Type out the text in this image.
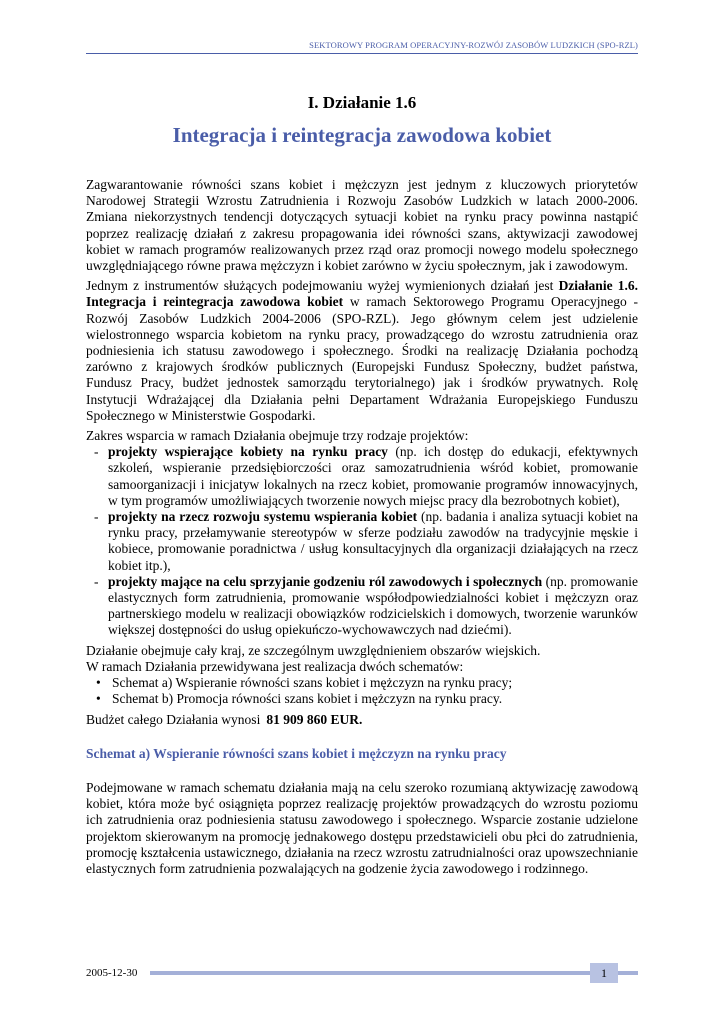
SEKTOROWY PROGRAM OPERACYJNY-ROZWÓJ ZASOBÓW LUDZKICH (SPO-RZL)
I. Działanie 1.6
Integracja i reintegracja zawodowa kobiet

Zagwarantowanie równości szans kobiet i mężczyzn jest jednym z kluczowych priorytetów Narodowej Strategii Wzrostu Zatrudnienia i Rozwoju Zasobów Ludzkich w latach 2000-2006. Zmiana niekorzystnych tendencji dotyczących sytuacji kobiet na rynku pracy powinna nastąpić poprzez realizację działań z zakresu propagowania idei równości szans, aktywizacji zawodowej kobiet w ramach programów realizowanych przez rząd oraz promocji nowego modelu społecznego uwzględniającego równe prawa mężczyzn i kobiet zarówno w życiu społecznym, jak i zawodowym.

Jednym z instrumentów służących podejmowaniu wyżej wymienionych działań jest Działanie 1.6. Integracja i reintegracja zawodowa kobiet w ramach Sektorowego Programu Operacyjnego - Rozwój Zasobów Ludzkich 2004-2006 (SPO-RZL). Jego głównym celem jest udzielenie wielostronnego wsparcia kobietom na rynku pracy, prowadzącego do wzrostu zatrudnienia oraz podniesienia ich statusu zawodowego i społecznego. Środki na realizację Działania pochodzą zarówno z krajowych środków publicznych (Europejski Fundusz Społeczny, budżet państwa, Fundusz Pracy, budżet jednostek samorządu terytorialnego) jak i środków prywatnych. Rolę Instytucji Wdrażającej dla Działania pełni Departament Wdrażania Europejskiego Funduszu Społecznego w Ministerstwie Gospodarki.

Zakres wsparcia w ramach Działania obejmuje trzy rodzaje projektów:

- projekty wspierające kobiety na rynku pracy (np. ich dostęp do edukacji, efektywnych szkoleń, wspieranie przedsiębiorczości oraz samozatrudnienia wśród kobiet, promowanie samoorganizacji i inicjatyw lokalnych na rzecz kobiet, promowanie programów innowacyjnych, w tym programów umożliwiających tworzenie nowych miejsc pracy dla bezrobotnych kobiet),
- projekty na rzecz rozwoju systemu wspierania kobiet (np. badania i analiza sytuacji kobiet na rynku pracy, przełamywanie stereotypów w sferze podziału zawodów na tradycyjnie męskie i kobiece, promowanie poradnictwa / usług konsultacyjnych dla organizacji działających na rzecz kobiet itp.),
- projekty mające na celu sprzyjanie godzeniu ról zawodowych i społecznych (np. promowanie elastycznych form zatrudnienia, promowanie współodpowiedzialności kobiet i mężczyzn oraz partnerskiego modelu w realizacji obowiązków rodzicielskich i domowych, tworzenie warunków większej dostępności do usług opiekuńczo-wychowawczych nad dziećmi).

Działanie obejmuje cały kraj, ze szczególnym uwzględnieniem obszarów wiejskich.

W ramach Działania przewidywana jest realizacja dwóch schematów:

• Schemat a) Wspieranie równości szans kobiet i mężczyzn na rynku pracy;
• Schemat b) Promocja równości szans kobiet i mężczyzn na rynku pracy.

Budżet całego Działania wynosi 81 909 860 EUR.

Schemat a) Wspieranie równości szans kobiet i mężczyzn na rynku pracy

Podejmowane w ramach schematu działania mają na celu szeroko rozumianą aktywizację zawodową kobiet, która może być osiągnięta poprzez realizację projektów prowadzących do wzrostu poziomu ich zatrudnienia oraz podniesienia statusu zawodowego i społecznego. Wsparcie zostanie udzielone projektom skierowanym na promocję jednakowego dostępu przedstawicieli obu płci do zatrudnienia, promocję kształcenia ustawicznego, działania na rzecz wzrostu zatrudnialności oraz upowszechnianie elastycznych form zatrudnienia pozwalających na godzenie życia zawodowego i rodzinnego.

2005-12-30	1
